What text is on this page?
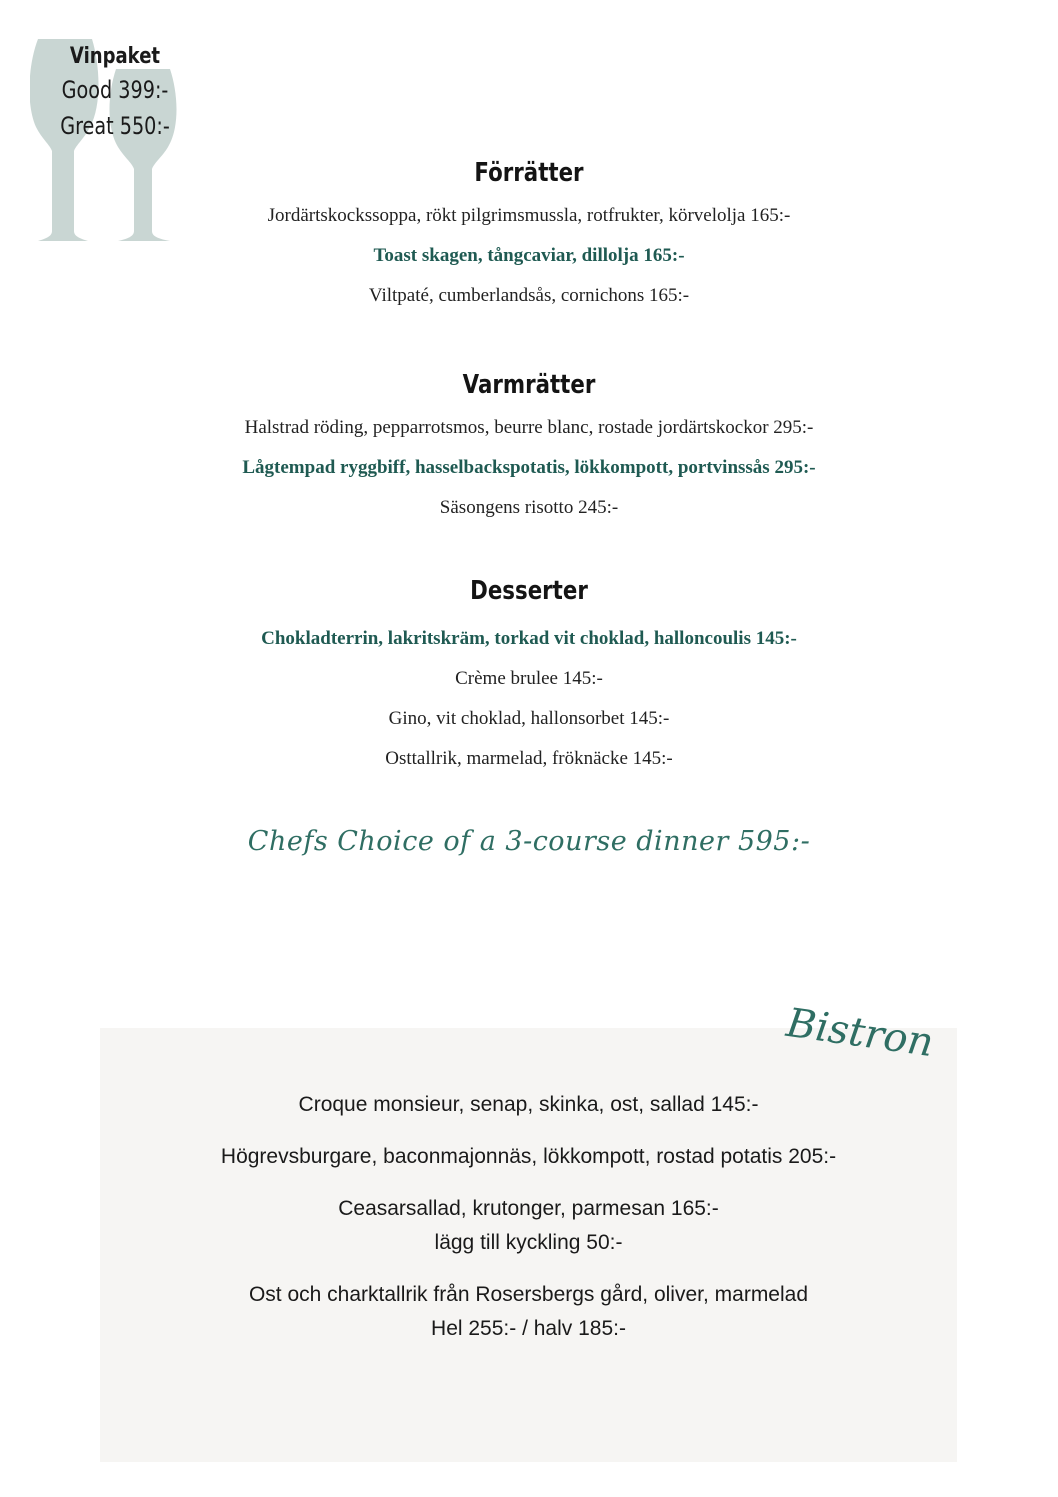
Vinpaket
Good 399:-
Great 550:-
Förrätter
Jordärtskockssoppa, rökt pilgrimsmussla, rotfrukter, körvelolja 165:-
Toast skagen, tångcaviar, dillolja 165:-
Viltpaté, cumberlandsås, cornichons 165:-
Varmrätter
Halstrad röding, pepparrotsmos, beurre blanc, rostade jordärtskockor 295:-
Lågtempad ryggbiff, hasselbackspotatis, lökkompott, portvinssås 295:-
Säsongens risotto 245:-
Desserter
Chokladterrin, lakritskräm, torkad vit choklad, halloncoulis 145:-
Crème brulee 145:-
Gino, vit choklad, hallonsorbet 145:-
Osttallrik, marmelad, fröknäcke 145:-
Chefs Choice of a 3-course dinner 595:-
Bistron
Croque monsieur, senap, skinka, ost, sallad 145:-
Högrevsburgare, baconmajonnäs, lökkompott, rostad potatis 205:-
Ceasarsallad, krutonger, parmesan 165:-
lägg till kyckling 50:-
Ost och charktallrik från Rosersbergs gård, oliver, marmelad
Hel 255:- / halv 185:-
